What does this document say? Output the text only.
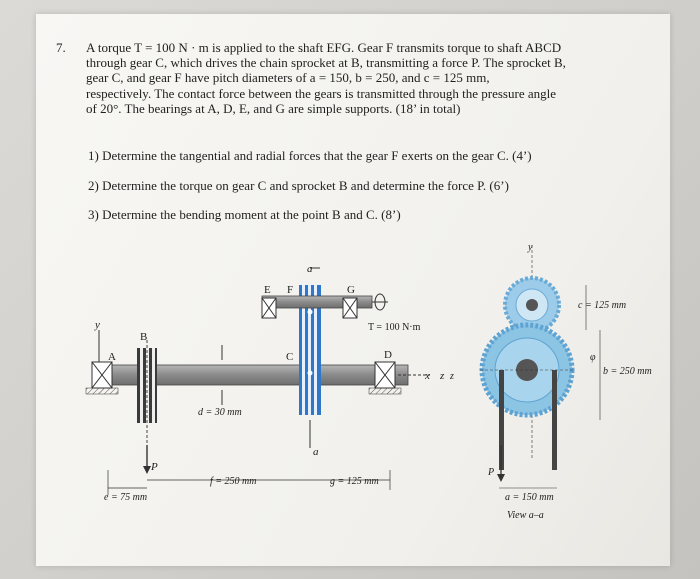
7. A torque T = 100 N · m is applied to the shaft EFG. Gear F transmits torque to shaft ABCD

through gear C, which drives the chain sprocket at B, transmitting a force P. The sprocket B,

gear C, and gear F have pitch diameters of a = 150, b = 250, and c = 125 mm,

respectively. The contact force between the gears is transmitted through the pressure angle

of 20°. The bearings at A, D, E, and G are simple supports. (18’ in total)

1) Determine the tangential and radial forces that the gear F exerts on the gear C. (4’)
2) Determine the torque on gear C and sprocket B and determine the force P. (6’)
3) Determine the bending moment at the point B and C. (8’)
E F	G
a
a
y
B
A	C	D
x z
P
T = 100 N·m
d = 30 mm
f = 250 mm	g = 125 mm
e = 75 mm
y
z
P
φ
c = 125 mm
b = 250 mm
a = 150 mm
View a–a
